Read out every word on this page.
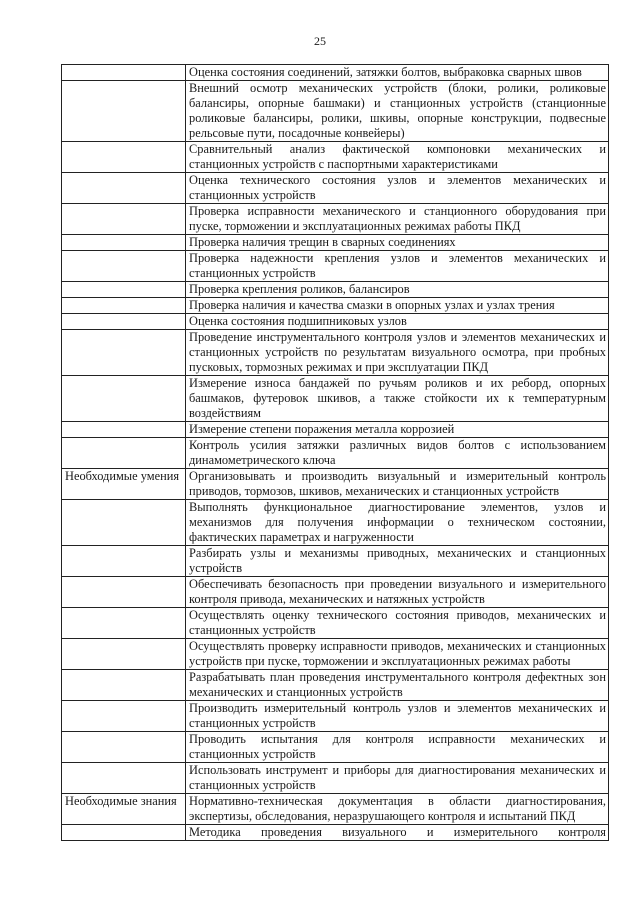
25
	Оценка состояния соединений, затяжки болтов, выбраковка сварных швов
	Внешний осмотр механических устройств (блоки, ролики, роликовые балансиры, опорные башмаки) и станционных устройств (станционные роликовые балансиры, ролики, шкивы, опорные конструкции, подвесные рельсовые пути, посадочные конвейеры)
	Сравнительный анализ фактической компоновки механических и станционных устройств с паспортными характеристиками
	Оценка технического состояния узлов и элементов механических и станционных устройств
	Проверка исправности механического и станционного оборудования при пуске, торможении и эксплуатационных режимах работы ПКД
	Проверка наличия трещин в сварных соединениях
	Проверка надежности крепления узлов и элементов механических и станционных устройств
	Проверка крепления роликов, балансиров
	Проверка наличия и качества смазки в опорных узлах и узлах трения
	Оценка состояния подшипниковых узлов
	Проведение инструментального контроля узлов и элементов механических и станционных устройств по результатам визуального осмотра, при пробных пусковых, тормозных режимах и при эксплуатации ПКД
	Измерение износа бандажей по ручьям роликов и их реборд, опорных башмаков, футеровок шкивов, а также стойкости их к температурным воздействиям
	Измерение степени поражения металла коррозией
	Контроль усилия затяжки различных видов болтов с использованием динамометрического ключа
Необходимые умения	Организовывать и производить визуальный и измерительный контроль приводов, тормозов, шкивов, механических и станционных устройств
	Выполнять функциональное диагностирование элементов, узлов и механизмов для получения информации о техническом состоянии, фактических параметрах и нагруженности
	Разбирать узлы и механизмы приводных, механических и станционных устройств
	Обеспечивать безопасность при проведении визуального и измерительного контроля привода, механических и натяжных устройств
	Осуществлять оценку технического состояния приводов, механических и станционных устройств
	Осуществлять проверку исправности приводов, механических и станционных устройств при пуске, торможении и эксплуатационных режимах работы
	Разрабатывать план проведения инструментального контроля дефектных зон механических и станционных устройств
	Производить измерительный контроль узлов и элементов механических и станционных устройств
	Проводить испытания для контроля исправности механических и станционных устройств
	Использовать инструмент и приборы для диагностирования механических и станционных устройств
Необходимые знания	Нормативно-техническая документация в области диагностирования, экспертизы, обследования, неразрушающего контроля и испытаний ПКД
	Методика проведения визуального и измерительного контроля
